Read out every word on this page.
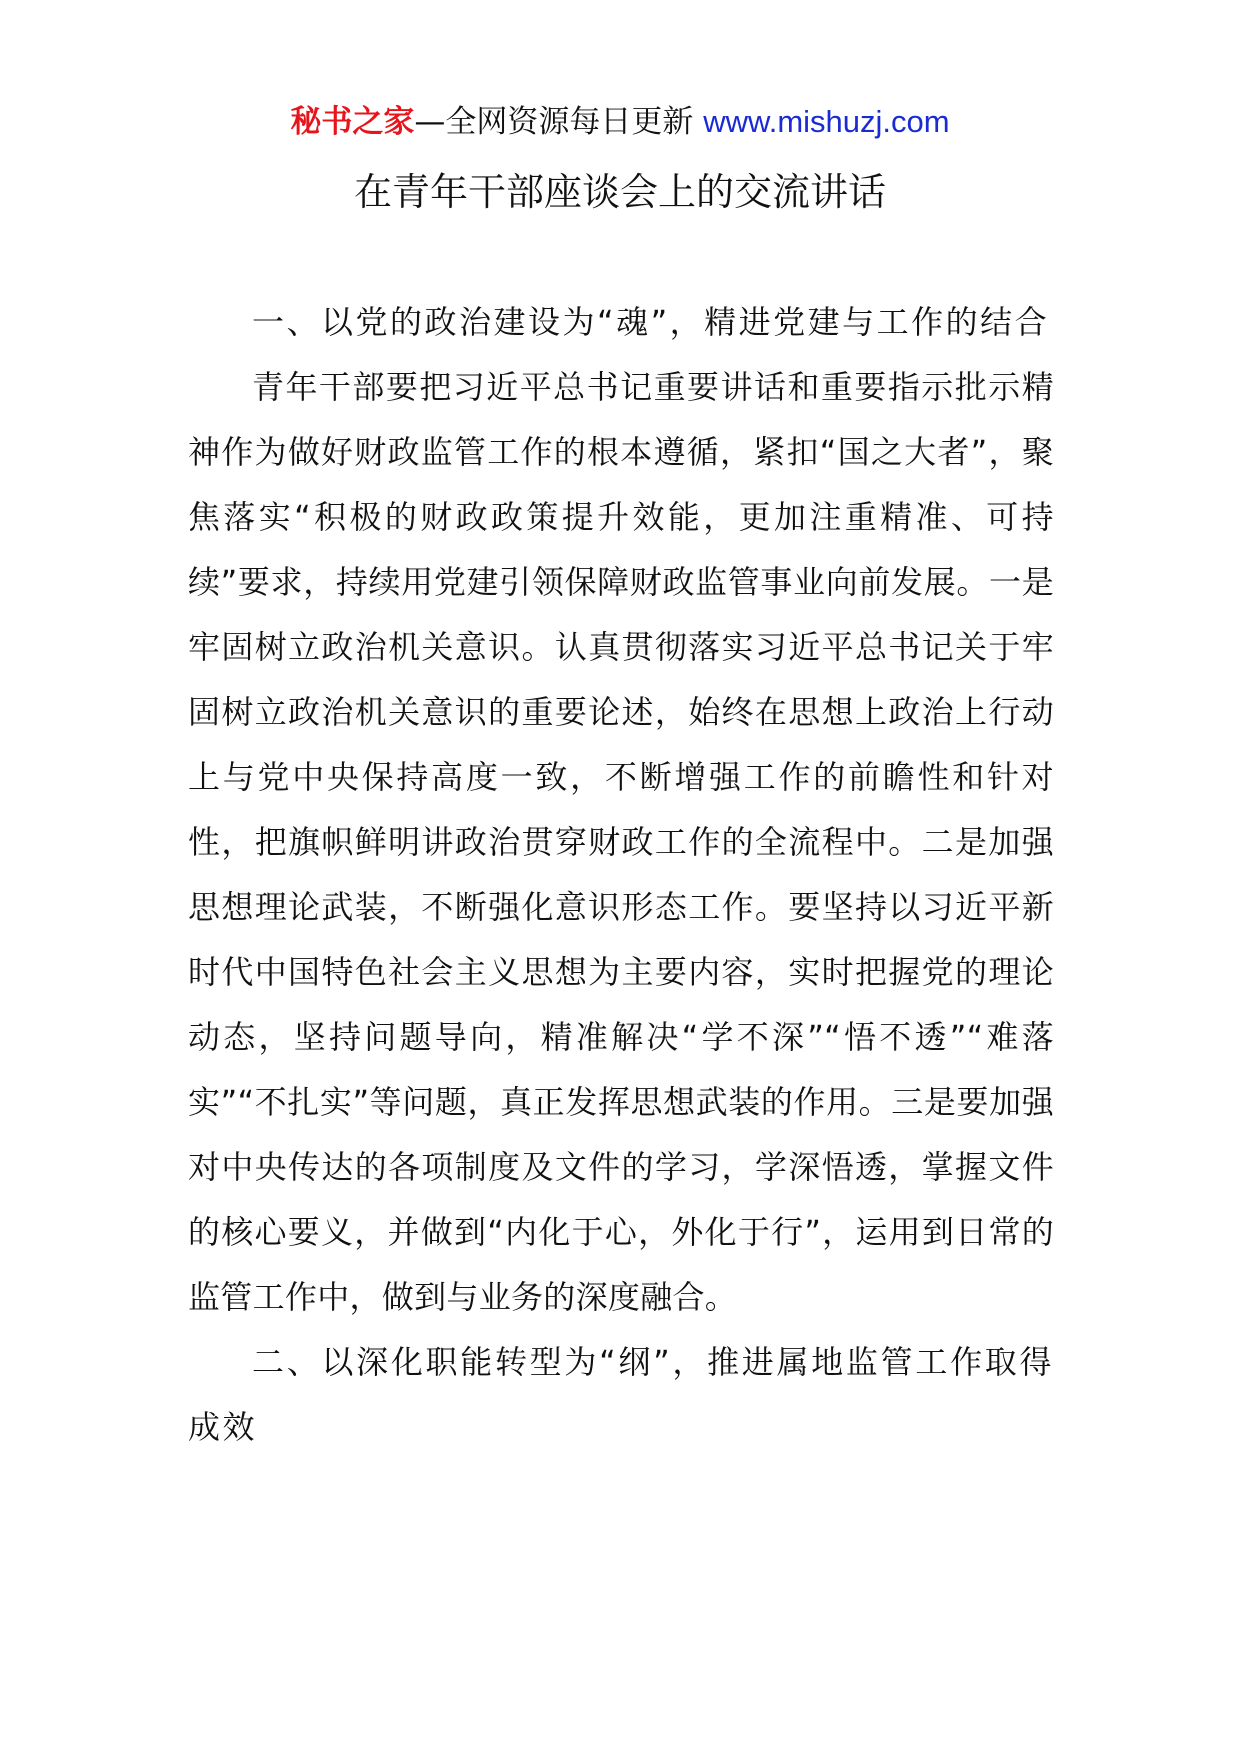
秘书之家—全网资源每日更新 www.mishuzj.com
在青年干部座谈会上的交流讲话

一、以党的政治建设为“魂”，精进党建与工作的结合

青年干部要把习近平总书记重要讲话和重要指示批示精神作为做好财政监管工作的根本遵循，紧扣“国之大者”，聚焦落实“积极的财政政策提升效能，更加注重精准、可持续”要求，持续用党建引领保障财政监管事业向前发展。一是牢固树立政治机关意识。认真贯彻落实习近平总书记关于牢固树立政治机关意识的重要论述，始终在思想上政治上行动上与党中央保持高度一致，不断增强工作的前瞻性和针对性，把旗帜鲜明讲政治贯穿财政工作的全流程中。二是加强思想理论武装，不断强化意识形态工作。要坚持以习近平新时代中国特色社会主义思想为主要内容，实时把握党的理论动态，坚持问题导向，精准解决“学不深”“悟不透”“难落实”“不扎实”等问题，真正发挥思想武装的作用。三是要加强对中央传达的各项制度及文件的学习，学深悟透，掌握文件的核心要义，并做到“内化于心，外化于行”，运用到日常的监管工作中，做到与业务的深度融合。

二、以深化职能转型为“纲”，推进属地监管工作取得成效
